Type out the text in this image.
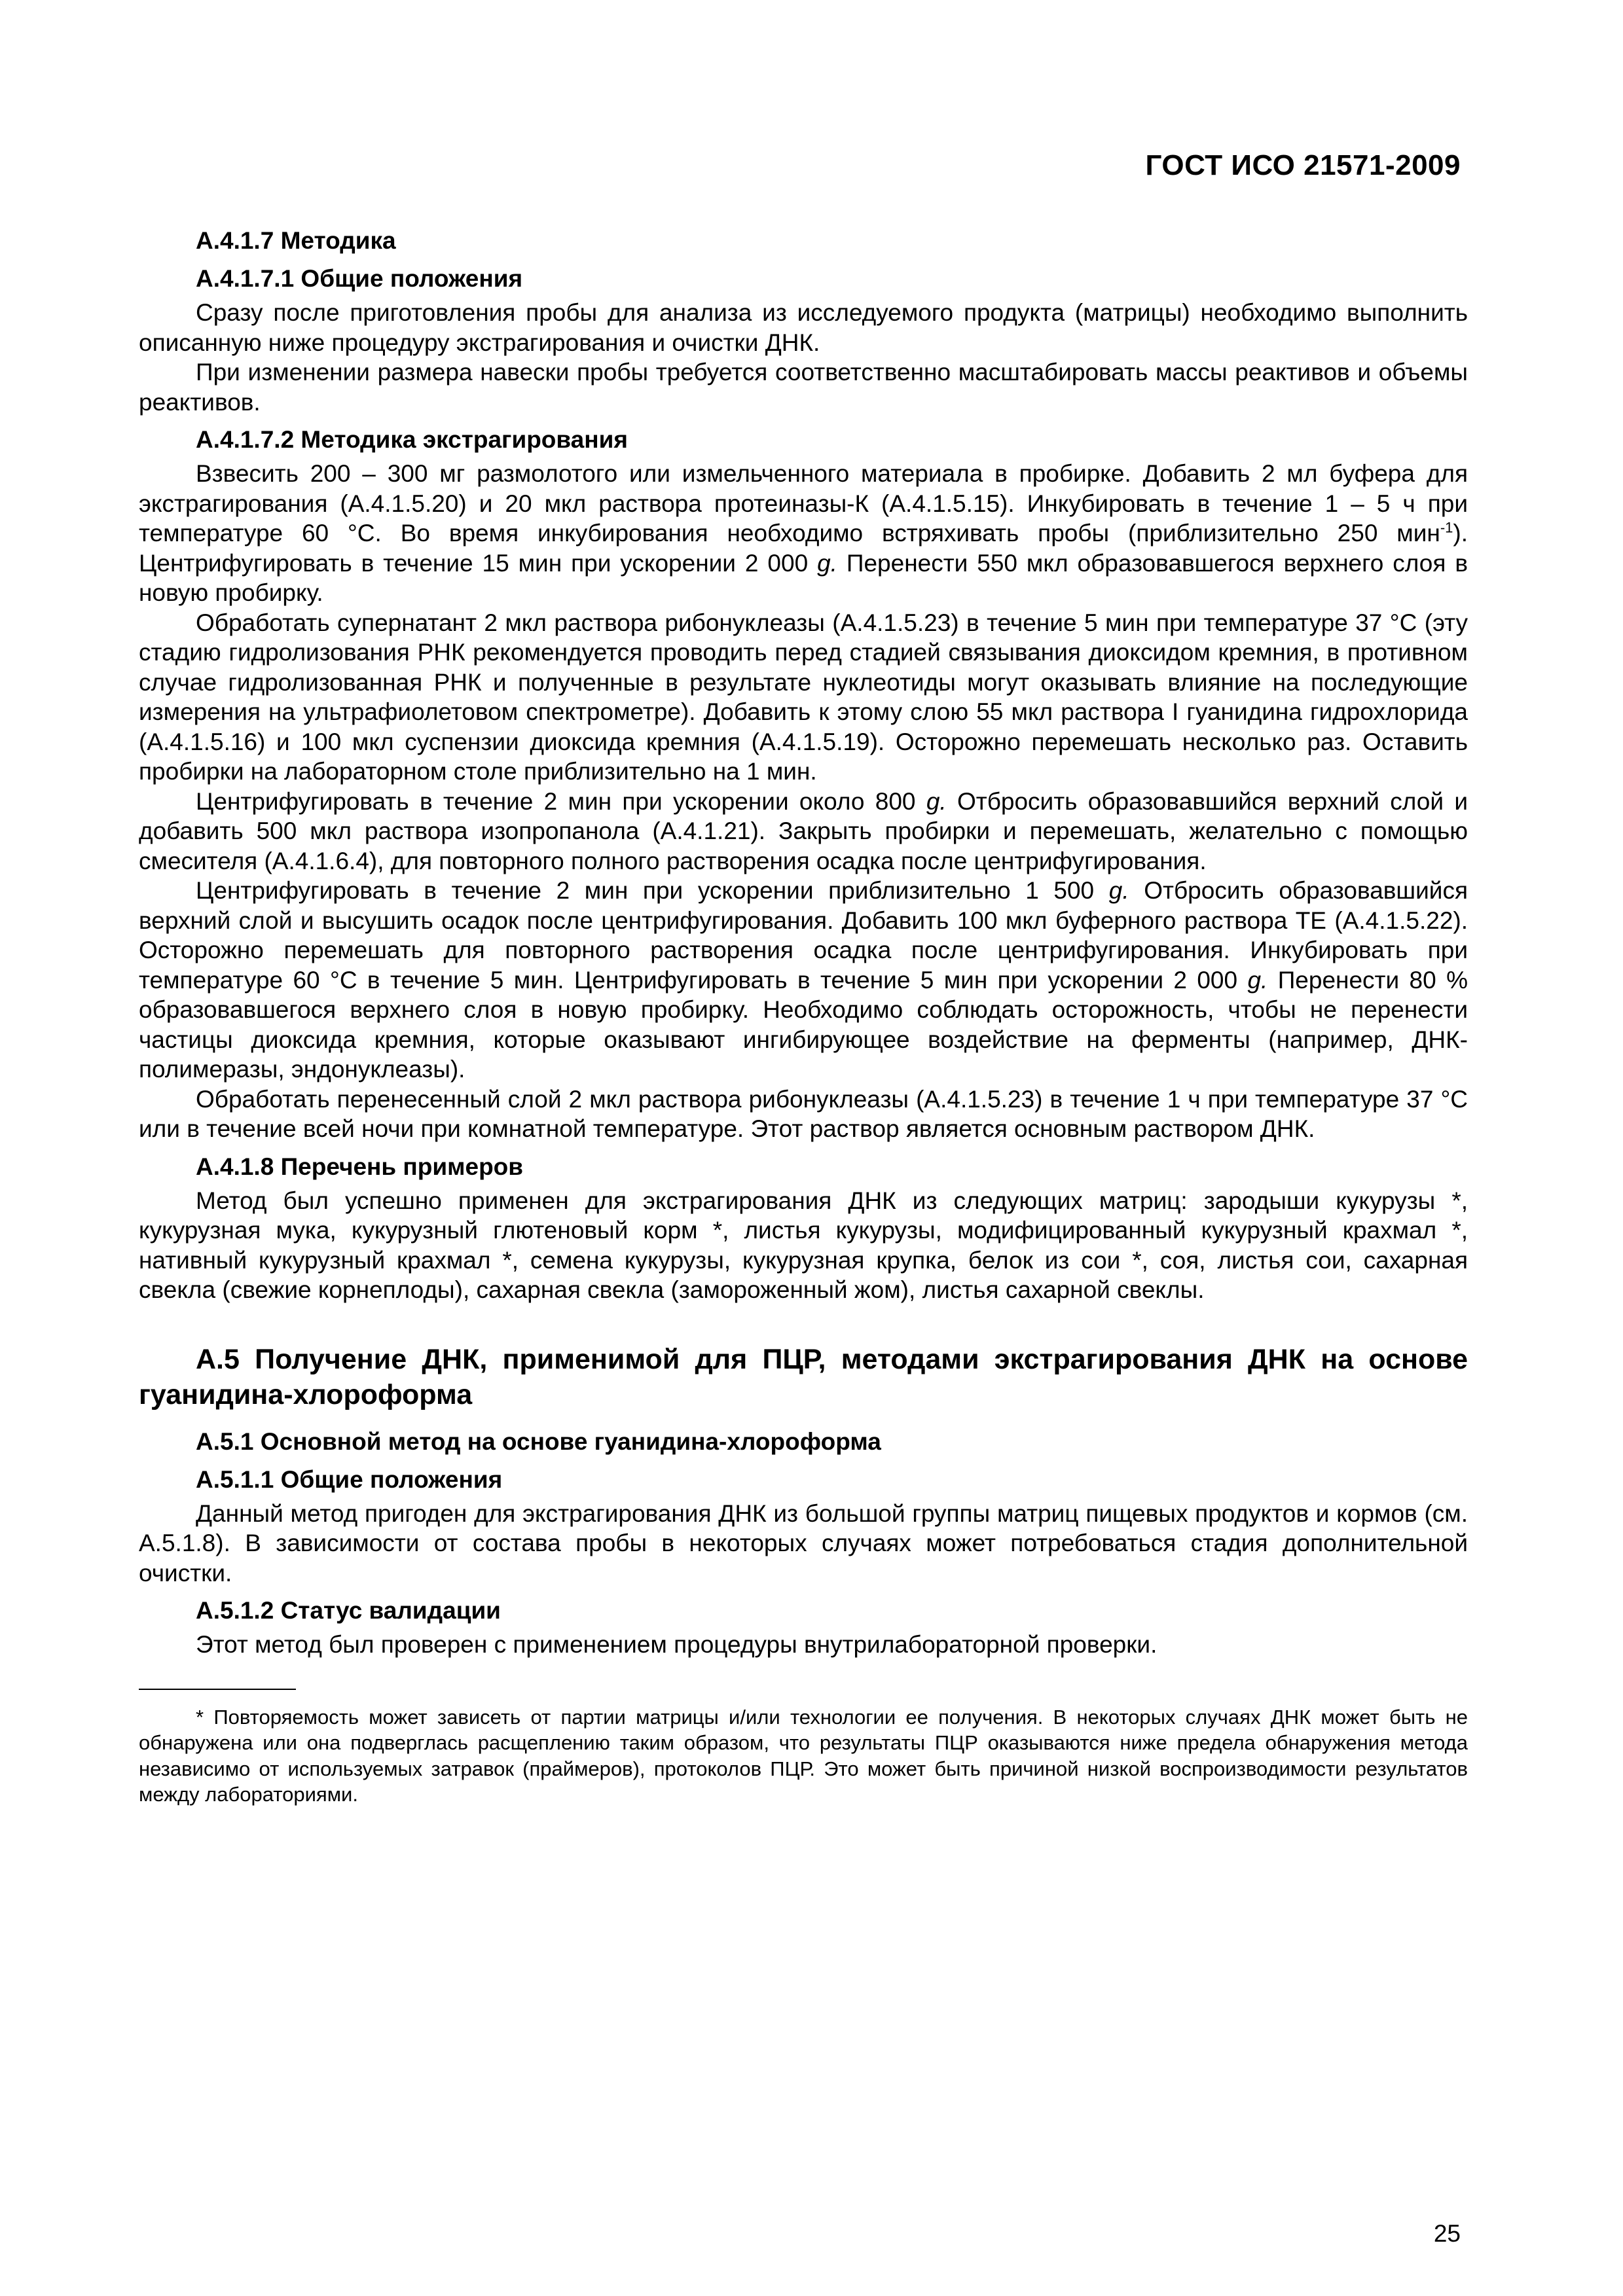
ГОСТ ИСО 21571-2009
А.4.1.7 Методика
А.4.1.7.1 Общие положения

Сразу после приготовления пробы для анализа из исследуемого продукта (матрицы) необходимо выполнить описанную ниже процедуру экстрагирования и очистки ДНК.

При изменении размера навески пробы требуется соответственно масштабировать массы реактивов и объемы реактивов.

А.4.1.7.2 Методика экстрагирования

Взвесить 200 – 300 мг размолотого или измельченного материала в пробирке. Добавить 2 мл буфера для экстрагирования (А.4.1.5.20) и 20 мкл раствора протеиназы-К (А.4.1.5.15). Инкубировать в течение 1 – 5 ч при температуре 60 °С. Во время инкубирования необходимо встряхивать пробы (приблизительно 250 мин$^{-1}$). Центрифугировать в течение 15 мин при ускорении 2 000 g. Перенести 550 мкл образовавшегося верхнего слоя в новую пробирку.

Обработать супернатант 2 мкл раствора рибонуклеазы (А.4.1.5.23) в течение 5 мин при температуре 37 °С (эту стадию гидролизования РНК рекомендуется проводить перед стадией связывания диоксидом кремния, в противном случае гидролизованная РНК и полученные в результате нуклеотиды могут оказывать влияние на последующие измерения на ультрафиолетовом спектрометре). Добавить к этому слою 55 мкл раствора I гуанидина гидрохлорида (А.4.1.5.16) и 100 мкл суспензии диоксида кремния (А.4.1.5.19). Осторожно перемешать несколько раз. Оставить пробирки на лабораторном столе приблизительно на 1 мин.

Центрифугировать в течение 2 мин при ускорении около 800 g. Отбросить образовавшийся верхний слой и добавить 500 мкл раствора изопропанола (А.4.1.21). Закрыть пробирки и перемешать, желательно с помощью смесителя (А.4.1.6.4), для повторного полного растворения осадка после центрифугирования.

Центрифугировать в течение 2 мин при ускорении приблизительно 1 500 g. Отбросить образовавшийся верхний слой и высушить осадок после центрифугирования. Добавить 100 мкл буферного раствора TE (А.4.1.5.22). Осторожно перемешать для повторного растворения осадка после центрифугирования. Инкубировать при температуре 60 °С в течение 5 мин. Центрифугировать в течение 5 мин при ускорении 2 000 g. Перенести 80 % образовавшегося верхнего слоя в новую пробирку. Необходимо соблюдать осторожность, чтобы не перенести частицы диоксида кремния, которые оказывают ингибирующее воздействие на ферменты (например, ДНК-полимеразы, эндонуклеазы).

Обработать перенесенный слой 2 мкл раствора рибонуклеазы (А.4.1.5.23) в течение 1 ч при температуре 37 °С или в течение всей ночи при комнатной температуре. Этот раствор является основным раствором ДНК.

А.4.1.8 Перечень примеров

Метод был успешно применен для экстрагирования ДНК из следующих матриц: зародыши кукурузы *, кукурузная мука, кукурузный глютеновый корм *, листья кукурузы, модифицированный кукурузный крахмал *, нативный кукурузный крахмал *, семена кукурузы, кукурузная крупка, белок из сои *, соя, листья сои, сахарная свекла (свежие корнеплоды), сахарная свекла (замороженный жом), листья сахарной свеклы.

А.5 Получение ДНК, применимой для ПЦР, методами экстрагирования ДНК на основе гуанидина-хлороформа
А.5.1 Основной метод на основе гуанидина-хлороформа
А.5.1.1 Общие положения

Данный метод пригоден для экстрагирования ДНК из большой группы матриц пищевых продуктов и кормов (см. А.5.1.8). В зависимости от состава пробы в некоторых случаях может потребоваться стадия дополнительной очистки.

А.5.1.2 Статус валидации

Этот метод был проверен с применением процедуры внутрилабораторной проверки.

* Повторяемость может зависеть от партии матрицы и/или технологии ее получения. В некоторых случаях ДНК может быть не обнаружена или она подверглась расщеплению таким образом, что результаты ПЦР оказываются ниже предела обнаружения метода независимо от используемых затравок (праймеров), протоколов ПЦР. Это может быть причиной низкой воспроизводимости результатов между лабораториями.

25
